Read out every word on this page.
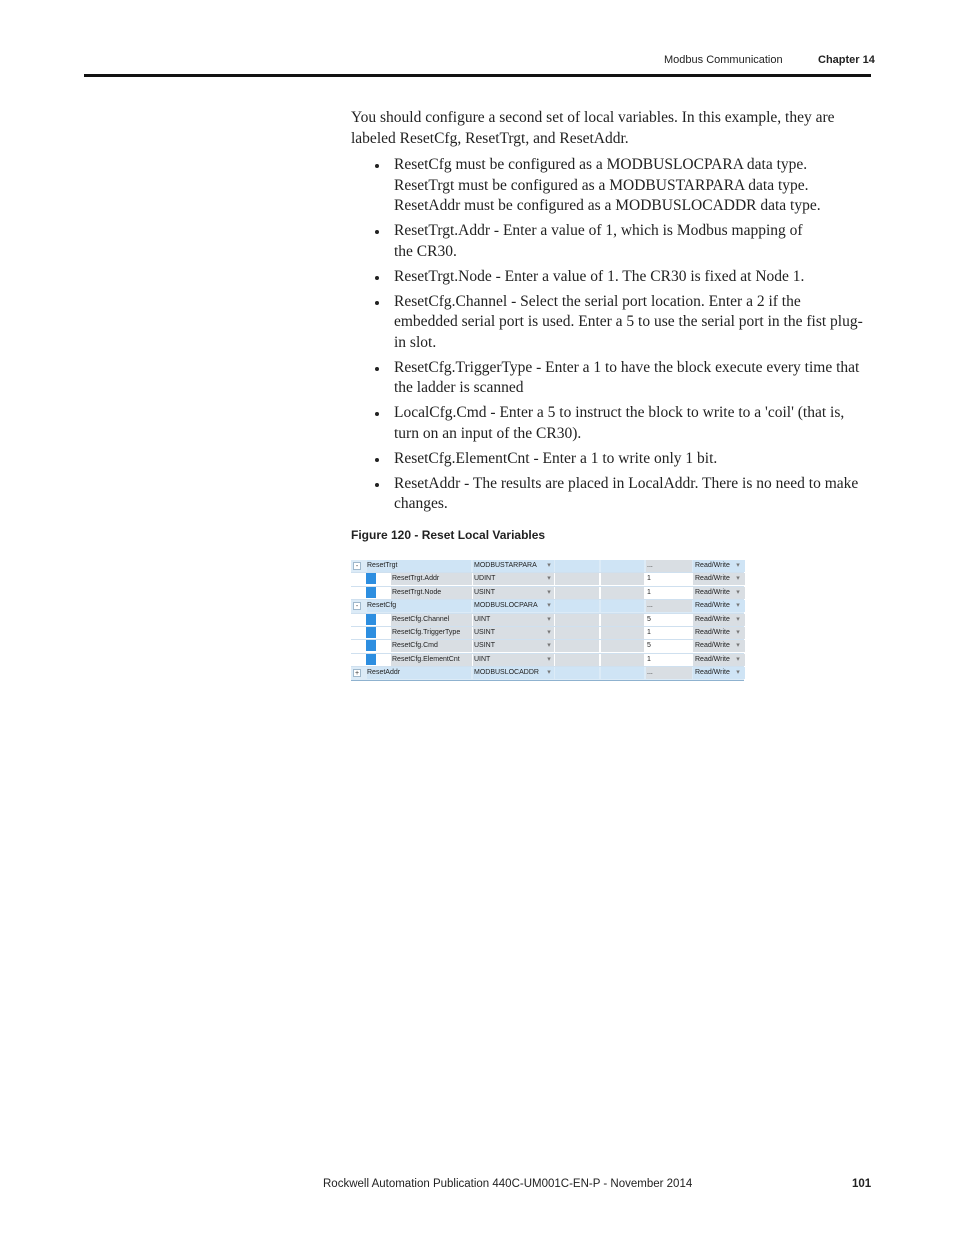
Modbus Communication	Chapter 14

You should configure a second set of local variables. In this example, they are labeled ResetCfg, ResetTrgt, and ResetAddr.

ResetCfg must be configured as a MODBUSLOCPARA data type.
ResetTrgt must be configured as a MODBUSTARPARA data type.
ResetAddr must be configured as a MODBUSLOCADDR data type.
ResetTrgt.Addr - Enter a value of 1, which is Modbus mapping of
the CR30.
ResetTrgt.Node - Enter a value of 1. The CR30 is fixed at Node 1.
ResetCfg.Channel - Select the serial port location. Enter a 2 if the
embedded serial port is used. Enter a 5 to use the serial port in the fist plug-
in slot.
ResetCfg.TriggerType - Enter a 1 to have the block execute every time that
the ladder is scanned
LocalCfg.Cmd - Enter a 5 to instruct the block to write to a 'coil' (that is,
turn on an input of the CR30).
ResetCfg.ElementCnt - Enter a 1 to write only 1 bit.
ResetAddr - The results are placed in LocalAddr. There is no need to make
changes.
Figure 120 - Reset Local Variables
-	ResetTrgt	MODBUSTARPARA	▾	...	Read/Write ▾
ResetTrgt.Addr	UDINT	▾	1	Read/Write ▾
ResetTrgt.Node	USINT	▾	1	Read/Write ▾
-	ResetCfg	MODBUSLOCPARA	▾	...	Read/Write ▾
ResetCfg.Channel	UINT	▾	5	Read/Write ▾
ResetCfg.TriggerType	USINT	▾	1	Read/Write ▾
ResetCfg.Cmd	USINT	▾	5	Read/Write ▾
ResetCfg.ElementCnt	UINT	▾	1	Read/Write ▾
+	ResetAddr	MODBUSLOCADDR	▾	...	Read/Write ▾
Rockwell Automation Publication 440C-UM001C-EN-P - November 2014	101
